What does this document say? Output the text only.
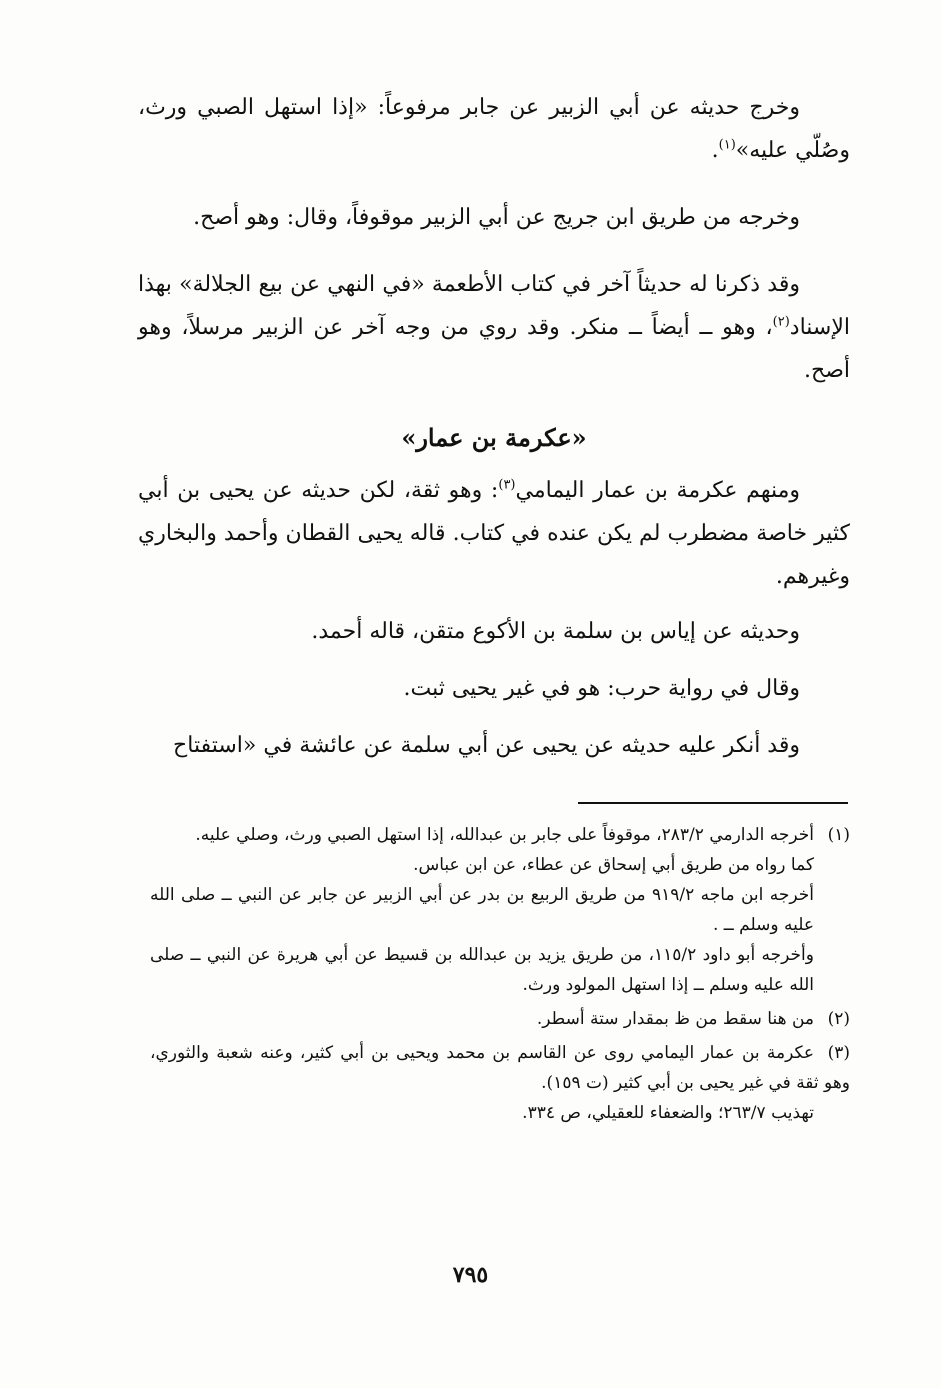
وخرج حديثه عن أبي الزبير عن جابر مرفوعاً: «إذا استهل الصبي ورث، وصُلّي عليه»$^{(١)}$.

وخرجه من طريق ابن جريج عن أبي الزبير موقوفاً، وقال: وهو أصح.

وقد ذكرنا له حديثاً آخر في كتاب الأطعمة «في النهي عن بيع الجلالة» بهذا الإسناد$^{(٢)}$، وهو ــ أيضاً ــ منكر. وقد روي من وجه آخر عن الزبير مرسلاً، وهو أصح.

«عكرمة بن عمار»

ومنهم عكرمة بن عمار اليمامي$^{(٣)}$: وهو ثقة، لكن حديثه عن يحيى بن أبي كثير خاصة مضطرب لم يكن عنده في كتاب. قاله يحيى القطان وأحمد والبخاري وغيرهم.

وحديثه عن إياس بن سلمة بن الأكوع متقن، قاله أحمد.

وقال في رواية حرب: هو في غير يحيى ثبت.

وقد أنكر عليه حديثه عن يحيى عن أبي سلمة عن عائشة في «استفتاح

(١)أخرجه الدارمي ٢٨٣/٢، موقوفاً على جابر بن عبدالله، إذا استهل الصبي ورث، وصلي عليه.
كما رواه من طريق أبي إسحاق عن عطاء، عن ابن عباس.
أخرجه ابن ماجه ٩١٩/٢ من طريق الربيع بن بدر عن أبي الزبير عن جابر عن النبي ــ صلى الله عليه وسلم ــ .
وأخرجه أبو داود ١١٥/٢، من طريق يزيد بن عبدالله بن قسيط عن أبي هريرة عن النبي ــ صلى الله عليه وسلم ــ إذا استهل المولود ورث.
(٢)من هنا سقط من ظ بمقدار ستة أسطر.
(٣)عكرمة بن عمار اليمامي روى عن القاسم بن محمد ويحيى بن أبي كثير، وعنه شعبة والثوري، وهو ثقة في غير يحيى بن أبي كثير (ت ١٥٩).
تهذيب ٢٦٣/٧؛ والضعفاء للعقيلي، ص ٣٣٤.
٧٩٥
